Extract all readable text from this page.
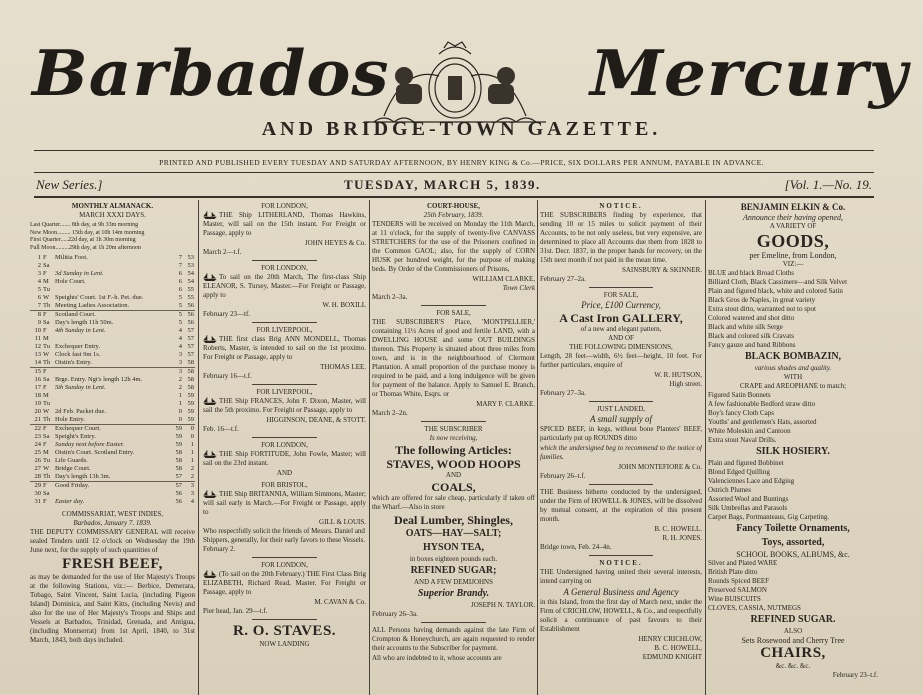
Barbados	Mercury
AND BRIDGE-TOWN GAZETTE.
PRINTED AND PUBLISHED EVERY TUESDAY AND SATURDAY AFTERNOON, BY HENRY KING & Co.—PRICE, SIX DOLLARS PER ANNUM, PAYABLE IN ADVANCE.
New Series.]	TUESDAY, MARCH 5, 1839.	[Vol. 1.—No. 19.
MONTHLY ALMANACK.
MARCH XXXI DAYS.
Last Quarter....... 8th day, at 9h 33m morning
New Moon......... 15th day, at 10h 14m morning
First Quarter.....22d day, at 1h 30m morning
Full Moon.........29th day, at 1h 20m afternoon
1	F	Militia Foot.	7	53
2	Sa		7	53
3	F	3d Sunday in Lent.	6	54
4	M	Hole Court.	6	54
5	Tu		6	55
6	W	Speights' Court. 1st F.-h. Pet. due.	5	55
7	Th	Meeting Ladies Association.	5	56
8	F	Scotland Court.	5	56
9	Sa	Day's length 11h 50m.	5	56
10	F	4th Sunday in Lent.	4	57
11	M		4	57
12	Tu	Exchequer Entry.	4	57
13	W	Clock fast 9m 1s.	3	57
14	Th	Oistin's Entry.	3	58
15	F		3	58
16	Sa	Brge. Entry. Ngt's length 12h 4m.	2	58
17	F	5th Sunday in Lent.	2	58
18	M		1	59
19	Tu		1	59
20	W	2d Feb. Packet due.	0	59
21	Th	Hole Entry.	0	59
22	F	Exchequer Court.	59	0
23	Sa	Speight's Entry.	59	0
24	F	Sunday next before Easter.	59	1
25	M	Oistin's Court. Scotland Entry.	58	1
26	Tu	Life Guards.	58	1
27	W	Bridge Court.	58	2
28	Th	Day's length 13h 3m.	57	2
29	F	Good Friday.	57	3
30	Sa		56	3
31	F	Easter day.	56	4
COMMISSARIAT, WEST INDIES,
Barbados, January 7. 1839.

THE DEPUTY COMMISSARY GENERAL will receive sealed Tenders until 12 o'clock on Wednesday the 19th June next, for the supply of such quantities of

FRESH BEEF,

as may be demanded for the use of Her Majesty's Troops at the following Stations, viz.:— Berbice, Demerara, Tobago, Saint Vincent, Saint Lucia, (including Pigeon Island) Dominica, and Saint Kitts, (including Nevis) and also for the use of Her Majesty's Troops and Ships and Vessels at Barbados, Trinidad, Grenada, and Antigua, (including Montserrat) from 1st April, 1840, to 31st March, 1843, both days included.

FOR LONDON,

THE Ship LITHERLAND, Thomas Hawkins, Master, will sail on the 15th instant. For Freight or Passage, apply to

JOHN HEYES & Co.
March 2—t.f.
FOR LONDON,

To sail on the 20th March, The first-class Ship ELEANOR, S. Tursey, Master.—For Freight or Passage, apply to

W. H. BOXILL
February 23—tf.
FOR LIVERPOOL,

THE first class Brig ANN MONDELL, Thomas Roberts, Master, is intended to sail on the 1st proximo. For Freight or Passage, apply to

THOMAS LEE.
February 16—t.f.
FOR LIVERPOOL,

THE Ship FRANCES, John F. Dixon, Master, will sail the 5th proximo. For Freight or Passage, apply to

HIGGINSON, DEANE, & STOTT.
Feb. 16—t.f.
FOR LONDON,

THE Ship FORTITUDE, John Fowle, Master; will sail on the 23rd instant.

AND
FOR BRISTOL,

THE Ship BRITANNIA, William Simmons, Master; will sail early in March.—For Freight or Passage, apply to

GILL & LOUIS.
Who respectfully solicit the friends of Messrs. Daniel and Shippers, generally, for their early favors to these Vessels. February 2.
FOR LONDON,

(To sail on the 20th February.) THE First Class Brig ELIZABETH, Richard Read, Master. For Freight or Passage, apply to

M. CAVAN & Co.
Pier head, Jan. 29—t.f.
R. O. STAVES.
NOW LANDING
COURT-HOUSE,
25th February, 1839.

TENDERS will be received on Monday the 11th March, at 11 o'clock, for the supply of twenty-five CANVASS STRETCHERS for the use of the Prisoners confined in the Common GAOL; also, for the supply of CORN HUSK per hundred weight, for the purpose of making beds. By Order of the Commissioners of Prisons,

WILLIAM CLARKE,
Town Clerk
March 2–3a.
FOR SALE,

THE SUBSCRIBER'S Place, 'MONTPELLIER,' containing 11½ Acres of good and fertile LAND, with a DWELLING HOUSE and some OUT BUILDINGS thereon. This Property is situated about three miles from town, and is in the neighbourhood of Clermont Plantation. A small proportion of the purchase money is required to be paid, and a long indulgence will be given for payment of the balance. Apply to Samuel E. Branch, or Thomas White, Esqrs. or

MARY F. CLARKE.
March 2–2n.
THE SUBSCRIBER
Is now receiving,
The following Articles:
STAVES, WOOD HOOPS
AND
COALS,

which are offered for sale cheap, particularly if taken off the Wharf.—Also in store

Deal Lumber, Shingles,
OATS—HAY—SALT;
HYSON TEA,
in boxes eighteen pounds each.
REFINED SUGAR;
AND A FEW DEMIJOHNS
Superior Brandy.
JOSEPH N. TAYLOR.
February 26–3a.

ALL Persons having demands against the late Firm of Crompton & Honeychurch, are again requested to render their accounts to the Subscriber for payment.

All who are indebted to it, whose accounts are

NOTICE.

THE SUBSCRIBERS finding by experience, that sending 10 or 15 miles to solicit payment of their Accounts, to be not only useless, but very expensive, are determined to place all Accounts due them from 1828 to 31st. Decr. 1837, in the proper hands for recovery, on the 15th next month if not paid in the mean time.

SAINSBURY & SKINNER.
February 27–2a.
FOR SALE,
Price, £100 Currency,
A Cast Iron GALLERY,
of a new and elegant pattern,
AND OF
THE FOLLOWING DIMENSIONS,

Length, 28 feet—width, 6½ feet—height, 10 feet. For further particulars, enquire of

W. R. HUTSON,
High street.
February 27–3a.
JUST LANDED,
A small supply of

SPICED BEEF, in kegs, without bone Planters' BEEF, particularly put up ROUNDS ditto

which the undersigned beg to recommend to the notice of families.

JOHN MONTEFIORE & Co.
February 26–t.f.

THE Business hitherto conducted by the undersigned, under the Firm of HOWELL & JONES, will be dissolved by mutual consent, at the expiration of this present month.

B. C. HOWELL.
R. H. JONES.
Bridge town, Feb. 24–4n.
NOTICE.

THE Undersigned having united their several interests, intend carrying on

A General Business and Agency

in this Island, from the first day of March next, under the Firm of CRICHLOW, HOWELL, & Co., and respectfully solicit a continuance of past favours to their Establishment

HENRY CRICHLOW,
B. C. HOWELL,
EDMUND KNIGHT
BENJAMIN ELKIN & Co.
Announce their having opened,
A VARIETY OF
GOODS,
per Emeline, from London,
VIZ:—
BLUE and black Broad Cloths
Billiard Cloth, Black Cassimere—and Silk Velvet
Plain and figured black, white and colored Satin
Black Gros de Naples, in great variety
Extra stout ditto, warranted not to spot
Colored watered and shot ditto
Black and white silk Serge
Black and colored silk Cravats
Fancy gauze and band Ribbons
BLACK BOMBAZIN,
various shades and quality.
WITH
CRAPE and AREOPHANE to match;
Figured Satin Bonnets
A few fashionable Bedford straw ditto
Boy's fancy Cloth Caps
Youths' and gentlemen's Hats, assorted
White Moleskin and Cantoon
Extra stout Naval Drills.
SILK HOSIERY.
Plain and figured Bobbinet
Blond Edged Quilling
Valenciennes Lace and Edging
Ostrich Plumes
Assorted Wool and Buntings
Silk Umbrellas and Parasols
Carpet Bags, Portmanteaus, Gig Carpeting.
Fancy Toilette Ornaments,
Toys, assorted,
SCHOOL BOOKS, ALBUMS, &c.
Silver and Plated WARE
British Plate ditto
Rounds Spiced BEEF
Preserved SALMON
Wine BUISCUITS
CLOVES, CASSIA, NUTMEGS
REFINED SUGAR.
ALSO
Sets Rosewood and Cherry Tree
CHAIRS,
&c. &c. &c.
February 23–t.f.
